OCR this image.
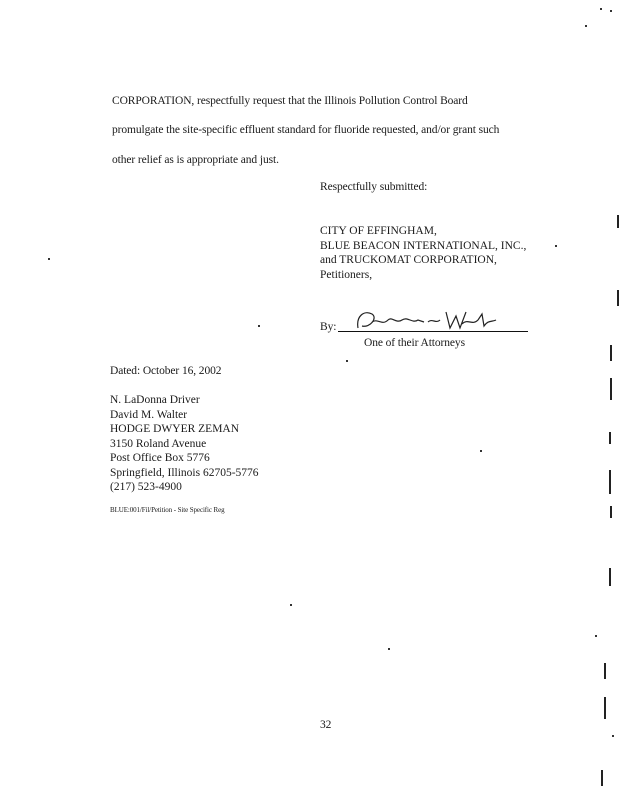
CORPORATION, respectfully request that the Illinois Pollution Control Board
promulgate the site-specific effluent standard for fluoride requested, and/or grant such
other relief as is appropriate and just.
Respectfully submitted:
CITY OF EFFINGHAM,
BLUE BEACON INTERNATIONAL, INC.,
and TRUCKOMAT CORPORATION,
Petitioners,
By:
One of their Attorneys
Dated: October 16, 2002
N. LaDonna Driver
David M. Walter
HODGE DWYER ZEMAN
3150 Roland Avenue
Post Office Box 5776
Springfield, Illinois 62705-5776
(217) 523-4900
BLUE:001/Fil/Petition - Site Specific Reg
32
